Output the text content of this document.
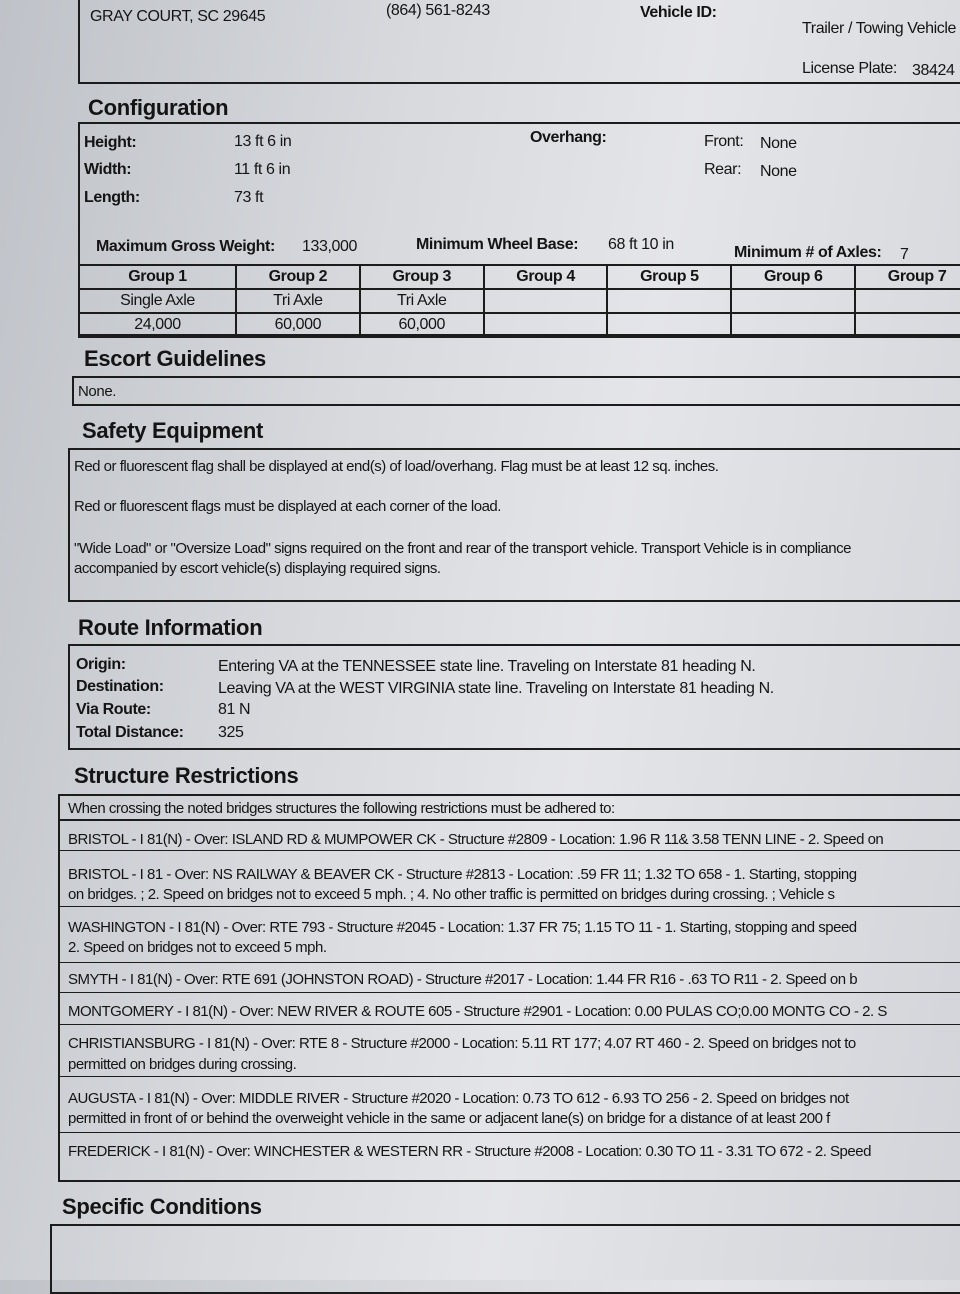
GRAY COURT, SC 29645	(864) 561-8243	Vehicle ID:
Trailer / Towing Vehicle
License Plate: 38424
Configuration
Height:	13 ft 6 in
Width:	11 ft 6 in
Length:	73 ft
Overhang:	Front: None
Rear: None
Maximum Gross Weight: 133,000	Minimum Wheel Base: 68 ft 10 in	Minimum # of Axles: 7
Group 1	Group 2	Group 3	Group 4	Group 5	Group 6	Group 7
Single Axle	Tri Axle	Tri Axle				
24,000	60,000	60,000				
Escort Guidelines
None.
Safety Equipment
Red or fluorescent flag shall be displayed at end(s) of load/overhang. Flag must be at least 12 sq. inches.
Red or fluorescent flags must be displayed at each corner of the load.
"Wide Load" or "Oversize Load" signs required on the front and rear of the transport vehicle. Transport Vehicle is in compliance
accompanied by escort vehicle(s) displaying required signs.
Route Information
Origin:	Entering VA at the TENNESSEE state line. Traveling on Interstate 81 heading N.
Destination:	Leaving VA at the WEST VIRGINIA state line. Traveling on Interstate 81 heading N.
Via Route:	81 N
Total Distance: 325
Structure Restrictions
When crossing the noted bridges structures the following restrictions must be adhered to:
BRISTOL - I 81(N) - Over: ISLAND RD & MUMPOWER CK - Structure #2809 - Location: 1.96 R 11& 3.58 TENN LINE - 2. Speed on
BRISTOL - I 81 - Over: NS RAILWAY & BEAVER CK - Structure #2813 - Location: .59 FR 11; 1.32 TO 658 - 1. Starting, stopping
on bridges. ; 2. Speed on bridges not to exceed 5 mph. ; 4. No other traffic is permitted on bridges during crossing. ; Vehicle s
WASHINGTON - I 81(N) - Over: RTE 793 - Structure #2045 - Location: 1.37 FR 75; 1.15 TO 11 - 1. Starting, stopping and speed
2. Speed on bridges not to exceed 5 mph.
SMYTH - I 81(N) - Over: RTE 691 (JOHNSTON ROAD) - Structure #2017 - Location: 1.44 FR R16 - .63 TO R11 - 2. Speed on b
MONTGOMERY - I 81(N) - Over: NEW RIVER & ROUTE 605 - Structure #2901 - Location: 0.00 PULAS CO;0.00 MONTG CO - 2. S
CHRISTIANSBURG - I 81(N) - Over: RTE 8 - Structure #2000 - Location: 5.11 RT 177; 4.07 RT 460 - 2. Speed on bridges not to
permitted on bridges during crossing.
AUGUSTA - I 81(N) - Over: MIDDLE RIVER - Structure #2020 - Location: 0.73 TO 612 - 6.93 TO 256 - 2. Speed on bridges not
permitted in front of or behind the overweight vehicle in the same or adjacent lane(s) on bridge for a distance of at least 200 f
FREDERICK - I 81(N) - Over: WINCHESTER & WESTERN RR - Structure #2008 - Location: 0.30 TO 11 - 3.31 TO 672 - 2. Speed
Specific Conditions
